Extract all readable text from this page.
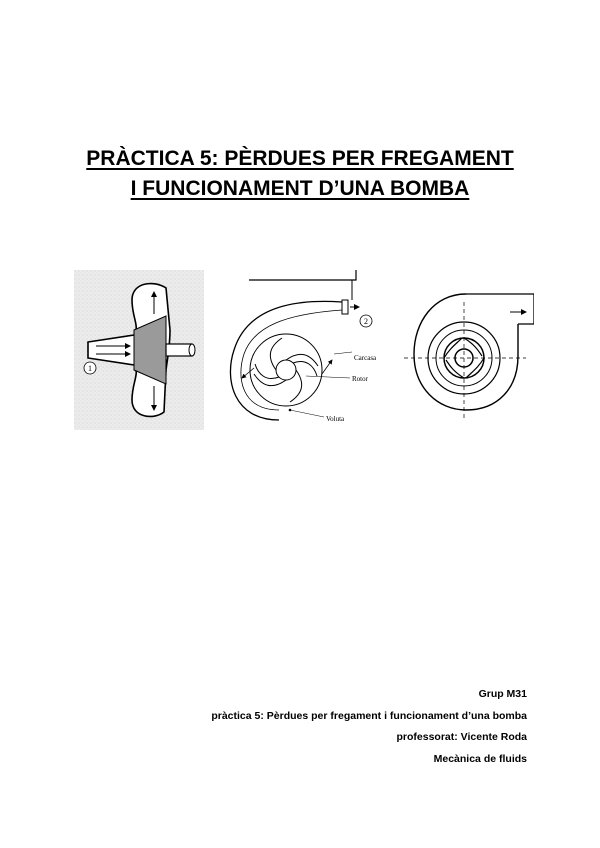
PRÀCTICA 5: PÈRDUES PER FREGAMENT
I FUNCIONAMENT D’UNA BOMBA
1
2
Carcasa
Rotor
Voluta
Grup M31
pràctica 5: Pèrdues per fregament i funcionament d’una bomba
professorat: Vicente Roda
Mecànica de fluids
